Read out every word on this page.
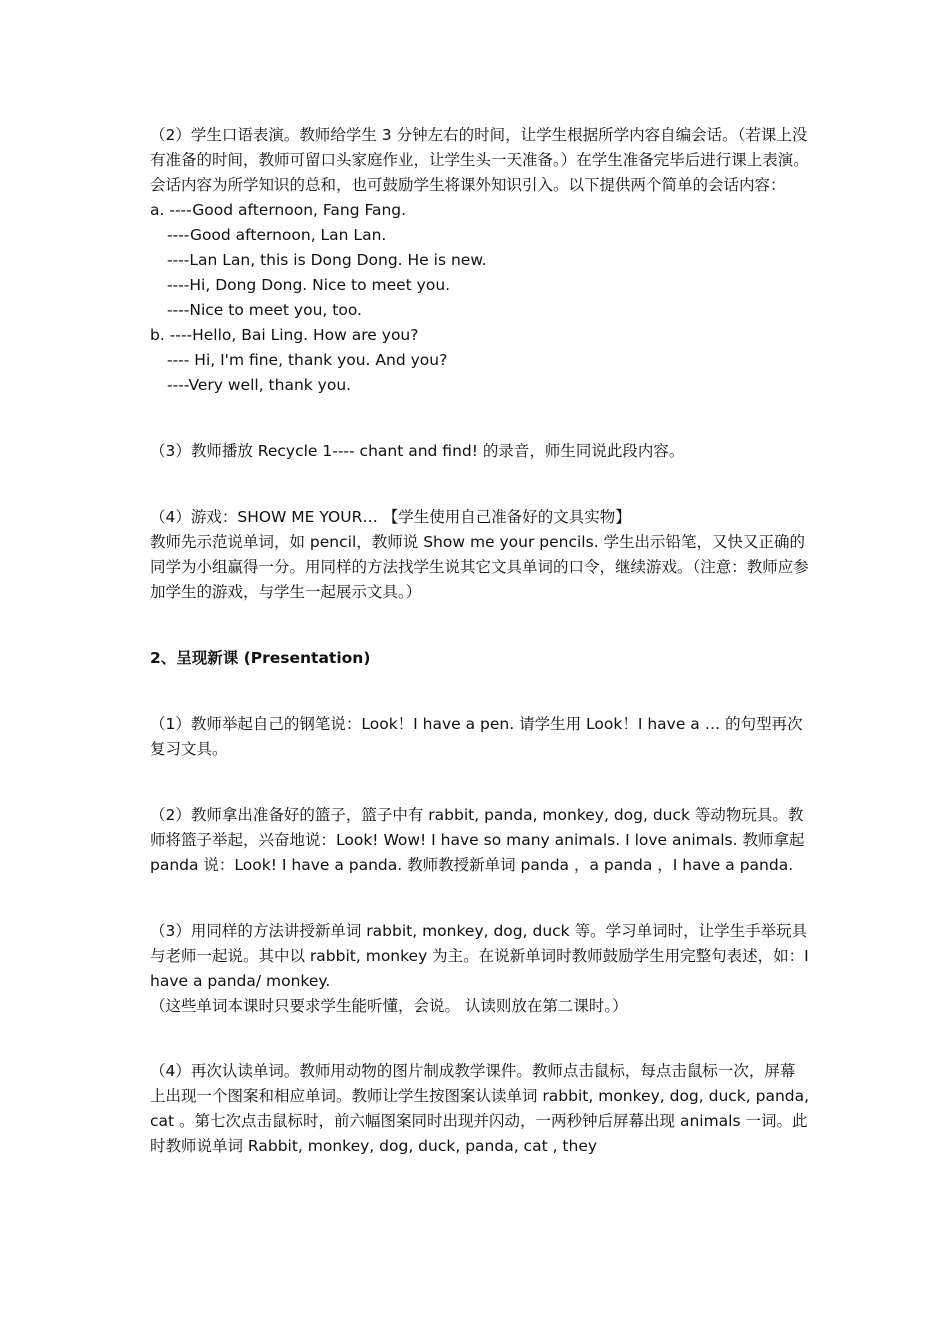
（2）学生口语表演。教师给学生 3 分钟左右的时间，让学生根据所学内容自编会话。（若课上没有准备的时间，教师可留口头家庭作业，让学生头一天准备。）在学生准备完毕后进行课上表演。会话内容为所学知识的总和，也可鼓励学生将课外知识引入。以下提供两个简单的会话内容：

a. ----Good afternoon, Fang Fang.

----Good afternoon, Lan Lan.

----Lan Lan, this is Dong Dong. He is new.

----Hi, Dong Dong. Nice to meet you.

----Nice to meet you, too.

b. ----Hello, Bai Ling. How are you?

---- Hi, I'm fine, thank you. And you?

----Very well, thank you.

（3）教师播放 Recycle 1---- chant and find! 的录音，师生同说此段内容。

（4）游戏：SHOW ME YOUR… 【学生使用自己准备好的文具实物】

教师先示范说单词，如 pencil，教师说 Show me your pencils. 学生出示铅笔，又快又正确的同学为小组赢得一分。用同样的方法找学生说其它文具单词的口令，继续游戏。（注意：教师应参加学生的游戏，与学生一起展示文具。）

2、呈现新课 (Presentation)

（1）教师举起自己的钢笔说：Look！I have a pen. 请学生用 Look！I have a … 的句型再次复习文具。

（2）教师拿出准备好的篮子，篮子中有 rabbit, panda, monkey, dog, duck 等动物玩具。教师将篮子举起，兴奋地说：Look! Wow! I have so many animals. I love animals. 教师拿起 panda 说：Look! I have a panda. 教师教授新单词 panda ，a panda ，I have a panda.

（3）用同样的方法讲授新单词 rabbit, monkey, dog, duck 等。学习单词时，让学生手举玩具与老师一起说。其中以 rabbit, monkey 为主。在说新单词时教师鼓励学生用完整句表述，如：I have a panda/ monkey.

（这些单词本课时只要求学生能听懂，会说。 认读则放在第二课时。）

（4）再次认读单词。教师用动物的图片制成教学课件。教师点击鼠标，每点击鼠标一次，屏幕上出现一个图案和相应单词。教师让学生按图案认读单词 rabbit, monkey, dog, duck, panda, cat 。第七次点击鼠标时，前六幅图案同时出现并闪动，一两秒钟后屏幕出现 animals 一词。此时教师说单词 Rabbit, monkey, dog, duck, panda, cat , they
